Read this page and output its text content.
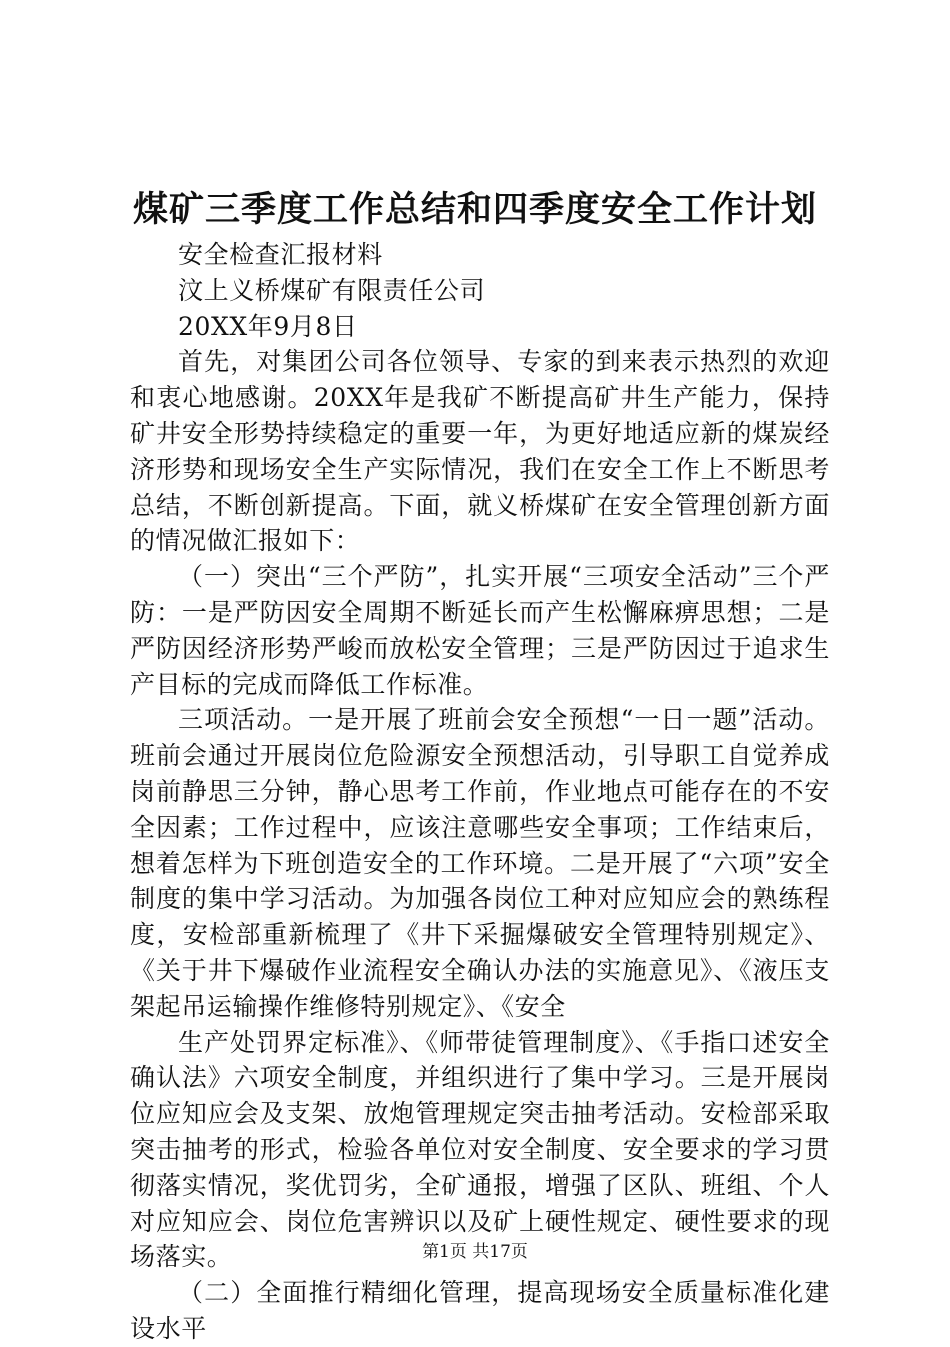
煤矿三季度工作总结和四季度安全工作计划

安全检查汇报材料

汶上义桥煤矿有限责任公司

20XX年9月8日

首先，对集团公司各位领导、专家的到来表示热烈的欢迎和衷心地感谢。20XX年是我矿不断提高矿井生产能力，保持矿井安全形势持续稳定的重要一年，为更好地适应新的煤炭经济形势和现场安全生产实际情况，我们在安全工作上不断思考总结，不断创新提高。下面，就义桥煤矿在安全管理创新方面的情况做汇报如下：

（一）突出“三个严防”，扎实开展“三项安全活动”三个严防：一是严防因安全周期不断延长而产生松懈麻痹思想；二是严防因经济形势严峻而放松安全管理；三是严防因过于追求生产目标的完成而降低工作标准。

三项活动。一是开展了班前会安全预想“一日一题”活动。班前会通过开展岗位危险源安全预想活动，引导职工自觉养成岗前静思三分钟，静心思考工作前，作业地点可能存在的不安全因素；工作过程中，应该注意哪些安全事项；工作结束后，想着怎样为下班创造安全的工作环境。二是开展了“六项”安全制度的集中学习活动。为加强各岗位工种对应知应会的熟练程度，安检部重新梳理了《井下采掘爆破安全管理特别规定》、《关于井下爆破作业流程安全确认办法的实施意见》、《液压支架起吊运输操作维修特别规定》、《安全

生产处罚界定标准》、《师带徒管理制度》、《手指口述安全确认法》六项安全制度，并组织进行了集中学习。三是开展岗位应知应会及支架、放炮管理规定突击抽考活动。安检部采取突击抽考的形式，检验各单位对安全制度、安全要求的学习贯彻落实情况，奖优罚劣，全矿通报，增强了区队、班组、个人对应知应会、岗位危害辨识以及矿上硬性规定、硬性要求的现场落实。

（二）全面推行精细化管理，提高现场安全质量标准化建设水平

第1页 共17页
